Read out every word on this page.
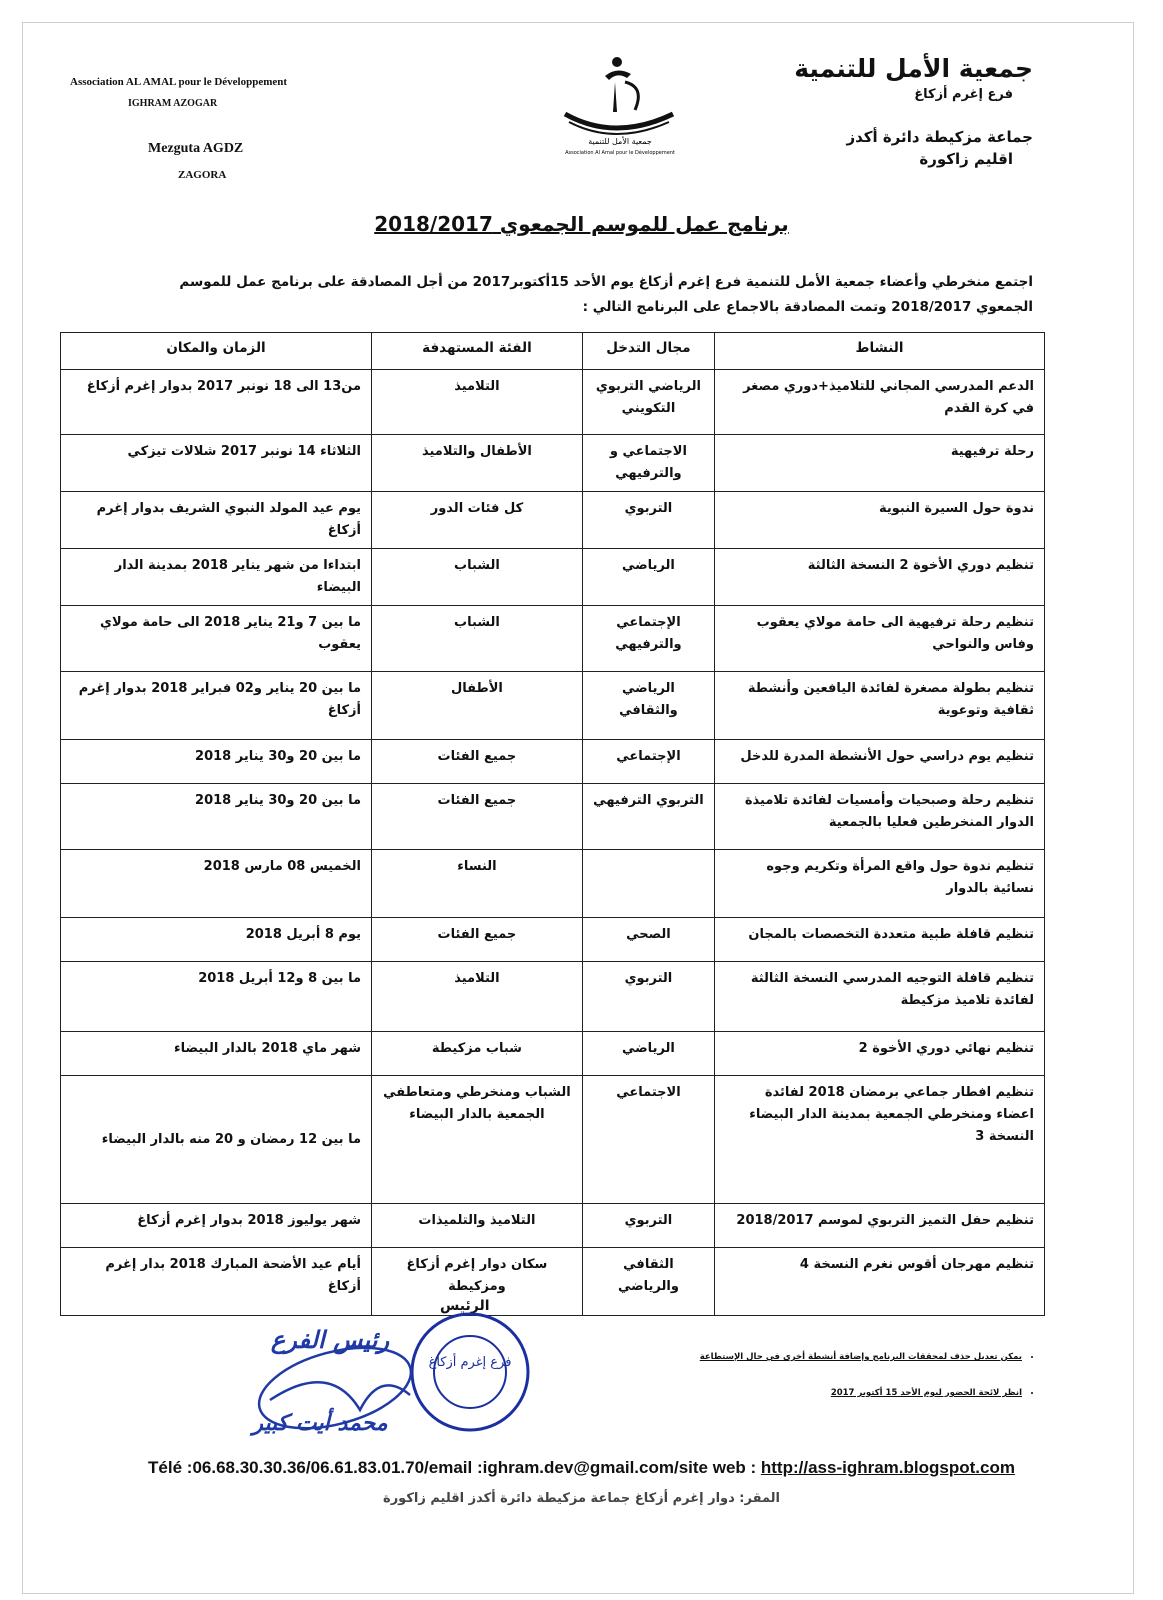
Association AL AMAL pour le Développement
IGHRAM AZOGAR
Mezguta AGDZ
ZAGORA
جمعية الأمل للتنمية
Association Al Amal pour le Développement
جمعية الأمل للتنمية
فرع إغرم أزكاغ
جماعة مزكيطة دائرة أكدز
اقليم زاكورة
برنامج عمل للموسم الجمعوي 2018/2017
اجتمع منخرطي وأعضاء جمعية الأمل للتنمية فرع إغرم أزكاغ يوم الأحد 15أكتوبر2017 من أجل المصادقة على برنامج عمل للموسم الجمعوي 2018/2017 وتمت المصادقة بالاجماع على البرنامج التالي :
النشاط	مجال التدخل	الفئة المستهدفة	الزمان والمكان
الدعم المدرسي المجاني للتلاميذ+دوري مصغر في كرة القدم	الرياضي التربوي التكويني	التلاميذ	من13 الى 18 نونبر 2017 بدوار إغرم أزكاغ
رحلة ترفيهية	الاجتماعي و والترفيهي	الأطفال والتلاميذ	الثلاثاء 14 نونبر 2017 شلالات تيزكي
ندوة حول السيرة النبوية	التربوي	كل فئات الدور	يوم عيد المولد النبوي الشريف بدوار إغرم أزكاغ
تنظيم دوري الأخوة 2 النسخة الثالثة	الرياضي	الشباب	ابتداءا من شهر يناير 2018 بمدينة الدار البيضاء
تنظيم رحلة ترفيهية الى حامة مولاي يعقوب وفاس والنواحي	الإجتماعي والترفيهي	الشباب	ما بين 7 و21 يناير 2018 الى حامة مولاي يعقوب
تنظيم بطولة مصغرة لفائدة اليافعين وأنشطة ثقافية وتوعوية	الرياضي والثقافي	الأطفال	ما بين 20 يناير و02 فبراير 2018 بدوار إغرم أزكاغ
تنظيم يوم دراسي حول الأنشطة المدرة للدخل	الإجتماعي	جميع الفئات	ما بين 20 و30 يناير 2018
تنظيم رحلة وصبحيات وأمسيات لفائدة تلاميذة الدوار المنخرطين فعليا بالجمعية	التربوي الترفيهي	جميع الفئات	ما بين 20 و30 يناير 2018
تنظيم ندوة حول واقع المرأة وتكريم وجوه نسائية بالدوار		النساء	الخميس 08 مارس 2018
تنظيم قافلة طبية متعددة التخصصات بالمجان	الصحي	جميع الفئات	يوم 8 أبريل 2018
تنظيم قافلة التوجيه المدرسي النسخة الثالثة لفائدة تلاميذ مزكيطة	التربوي	التلاميذ	ما بين 8 و12 أبريل 2018
تنظيم نهائي دوري الأخوة 2	الرياضي	شباب مزكيطة	شهر ماي 2018 بالدار البيضاء
تنظيم افطار جماعي برمضان 2018 لفائدة اعضاء ومنخرطي الجمعية بمدينة الدار البيضاء النسخة 3	الاجتماعي	الشباب ومنخرطي ومتعاطفي الجمعية بالدار البيضاء	ما بين 12 رمضان و 20 منه بالدار البيضاء
تنظيم حفل التميز التربوي لموسم 2018/2017	التربوي	التلاميذ والتلميذات	شهر يوليوز 2018 بدوار إغرم أزكاغ
تنظيم مهرجان أقوس نغرم النسخة 4	الثقافي والرياضي	سكان دوار إغرم أزكاغ ومزكيطة	أيام عيد الأضحة المبارك 2018 بدار إغرم أزكاغ
الرئيس
فرع إغرم أزكاغ
رئيس الفرع
محمد أيت كبير
• يمكن تعديل حذف لمحققات البرنامج وإضافة أنشطة أخرى في حال الإستطاعة
• انظر لائحة الحضور ليوم الأحد 15 أكتوبر 2017
Télé :06.68.30.30.36/06.61.83.01.70/email :ighram.dev@gmail.com/site web : http://ass-ighram.blogspot.com
المقر: دوار إغرم أزكاغ جماعة مزكيطة دائرة أكدز اقليم زاكورة
